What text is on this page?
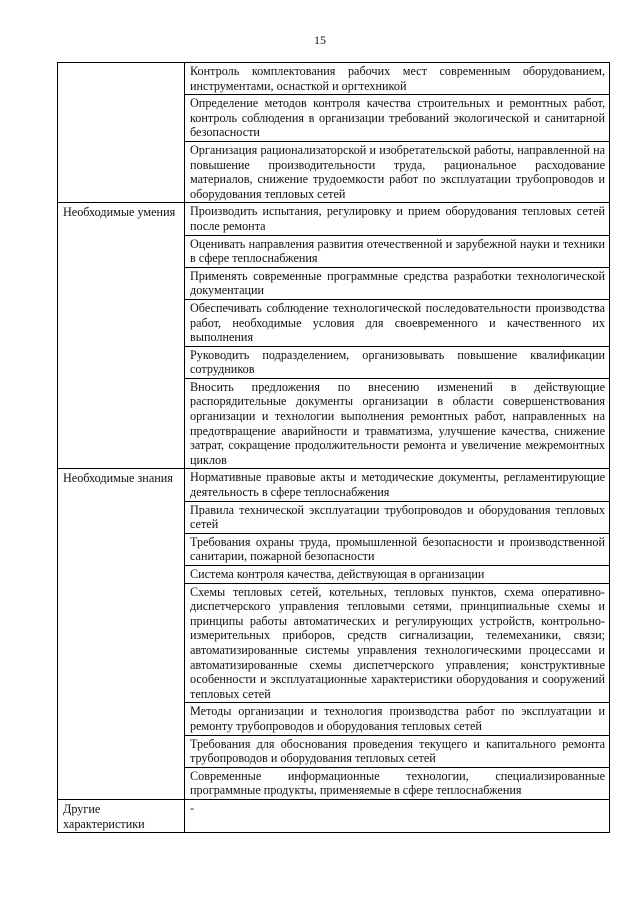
15

	Контроль комплектования рабочих мест современным оборудованием, инструментами, оснасткой и оргтехникой

	Определение методов контроля качества строительных и ремонтных работ, контроль соблюдения в организации требований экологической и санитарной безопасности

	Организация рационализаторской и изобретательской работы, направленной на повышение производительности труда, рациональное расходование материалов, снижение трудоемкости работ по эксплуатации трубопроводов и оборудования тепловых сетей

Необходимые умения	Производить испытания, регулировку и прием оборудования тепловых сетей после ремонта

	Оценивать направления развития отечественной и зарубежной науки и техники в сфере теплоснабжения

	Применять современные программные средства разработки технологической документации

	Обеспечивать соблюдение технологической последовательности производства работ, необходимые условия для своевременного и качественного их выполнения

	Руководить подразделением, организовывать повышение квалификации сотрудников

	Вносить предложения по внесению изменений в действующие распорядительные документы организации в области совершенствования организации и технологии выполнения ремонтных работ, направленных на предотвращение аварийности и травматизма, улучшение качества, снижение затрат, сокращение продолжительности ремонта и увеличение межремонтных циклов

Необходимые знания	Нормативные правовые акты и методические документы, регламентирующие деятельность в сфере теплоснабжения

	Правила технической эксплуатации трубопроводов и оборудования тепловых сетей

	Требования охраны труда, промышленной безопасности и производственной санитарии, пожарной безопасности

	Система контроля качества, действующая в организации

	Схемы тепловых сетей, котельных, тепловых пунктов, схема оперативно-диспетчерского управления тепловыми сетями, принципиальные схемы и принципы работы автоматических и регулирующих устройств, контрольно-измерительных приборов, средств сигнализации, телемеханики, связи; автоматизированные системы управления технологическими процессами и автоматизированные схемы диспетчерского управления; конструктивные особенности и эксплуатационные характеристики оборудования и сооружений тепловых сетей

	Методы организации и технология производства работ по эксплуатации и ремонту трубопроводов и оборудования тепловых сетей

	Требования для обоснования проведения текущего и капитального ремонта трубопроводов и оборудования тепловых сетей

	Современные информационные технологии, специализированные программные продукты, применяемые в сфере теплоснабжения

Другие характеристики	-
